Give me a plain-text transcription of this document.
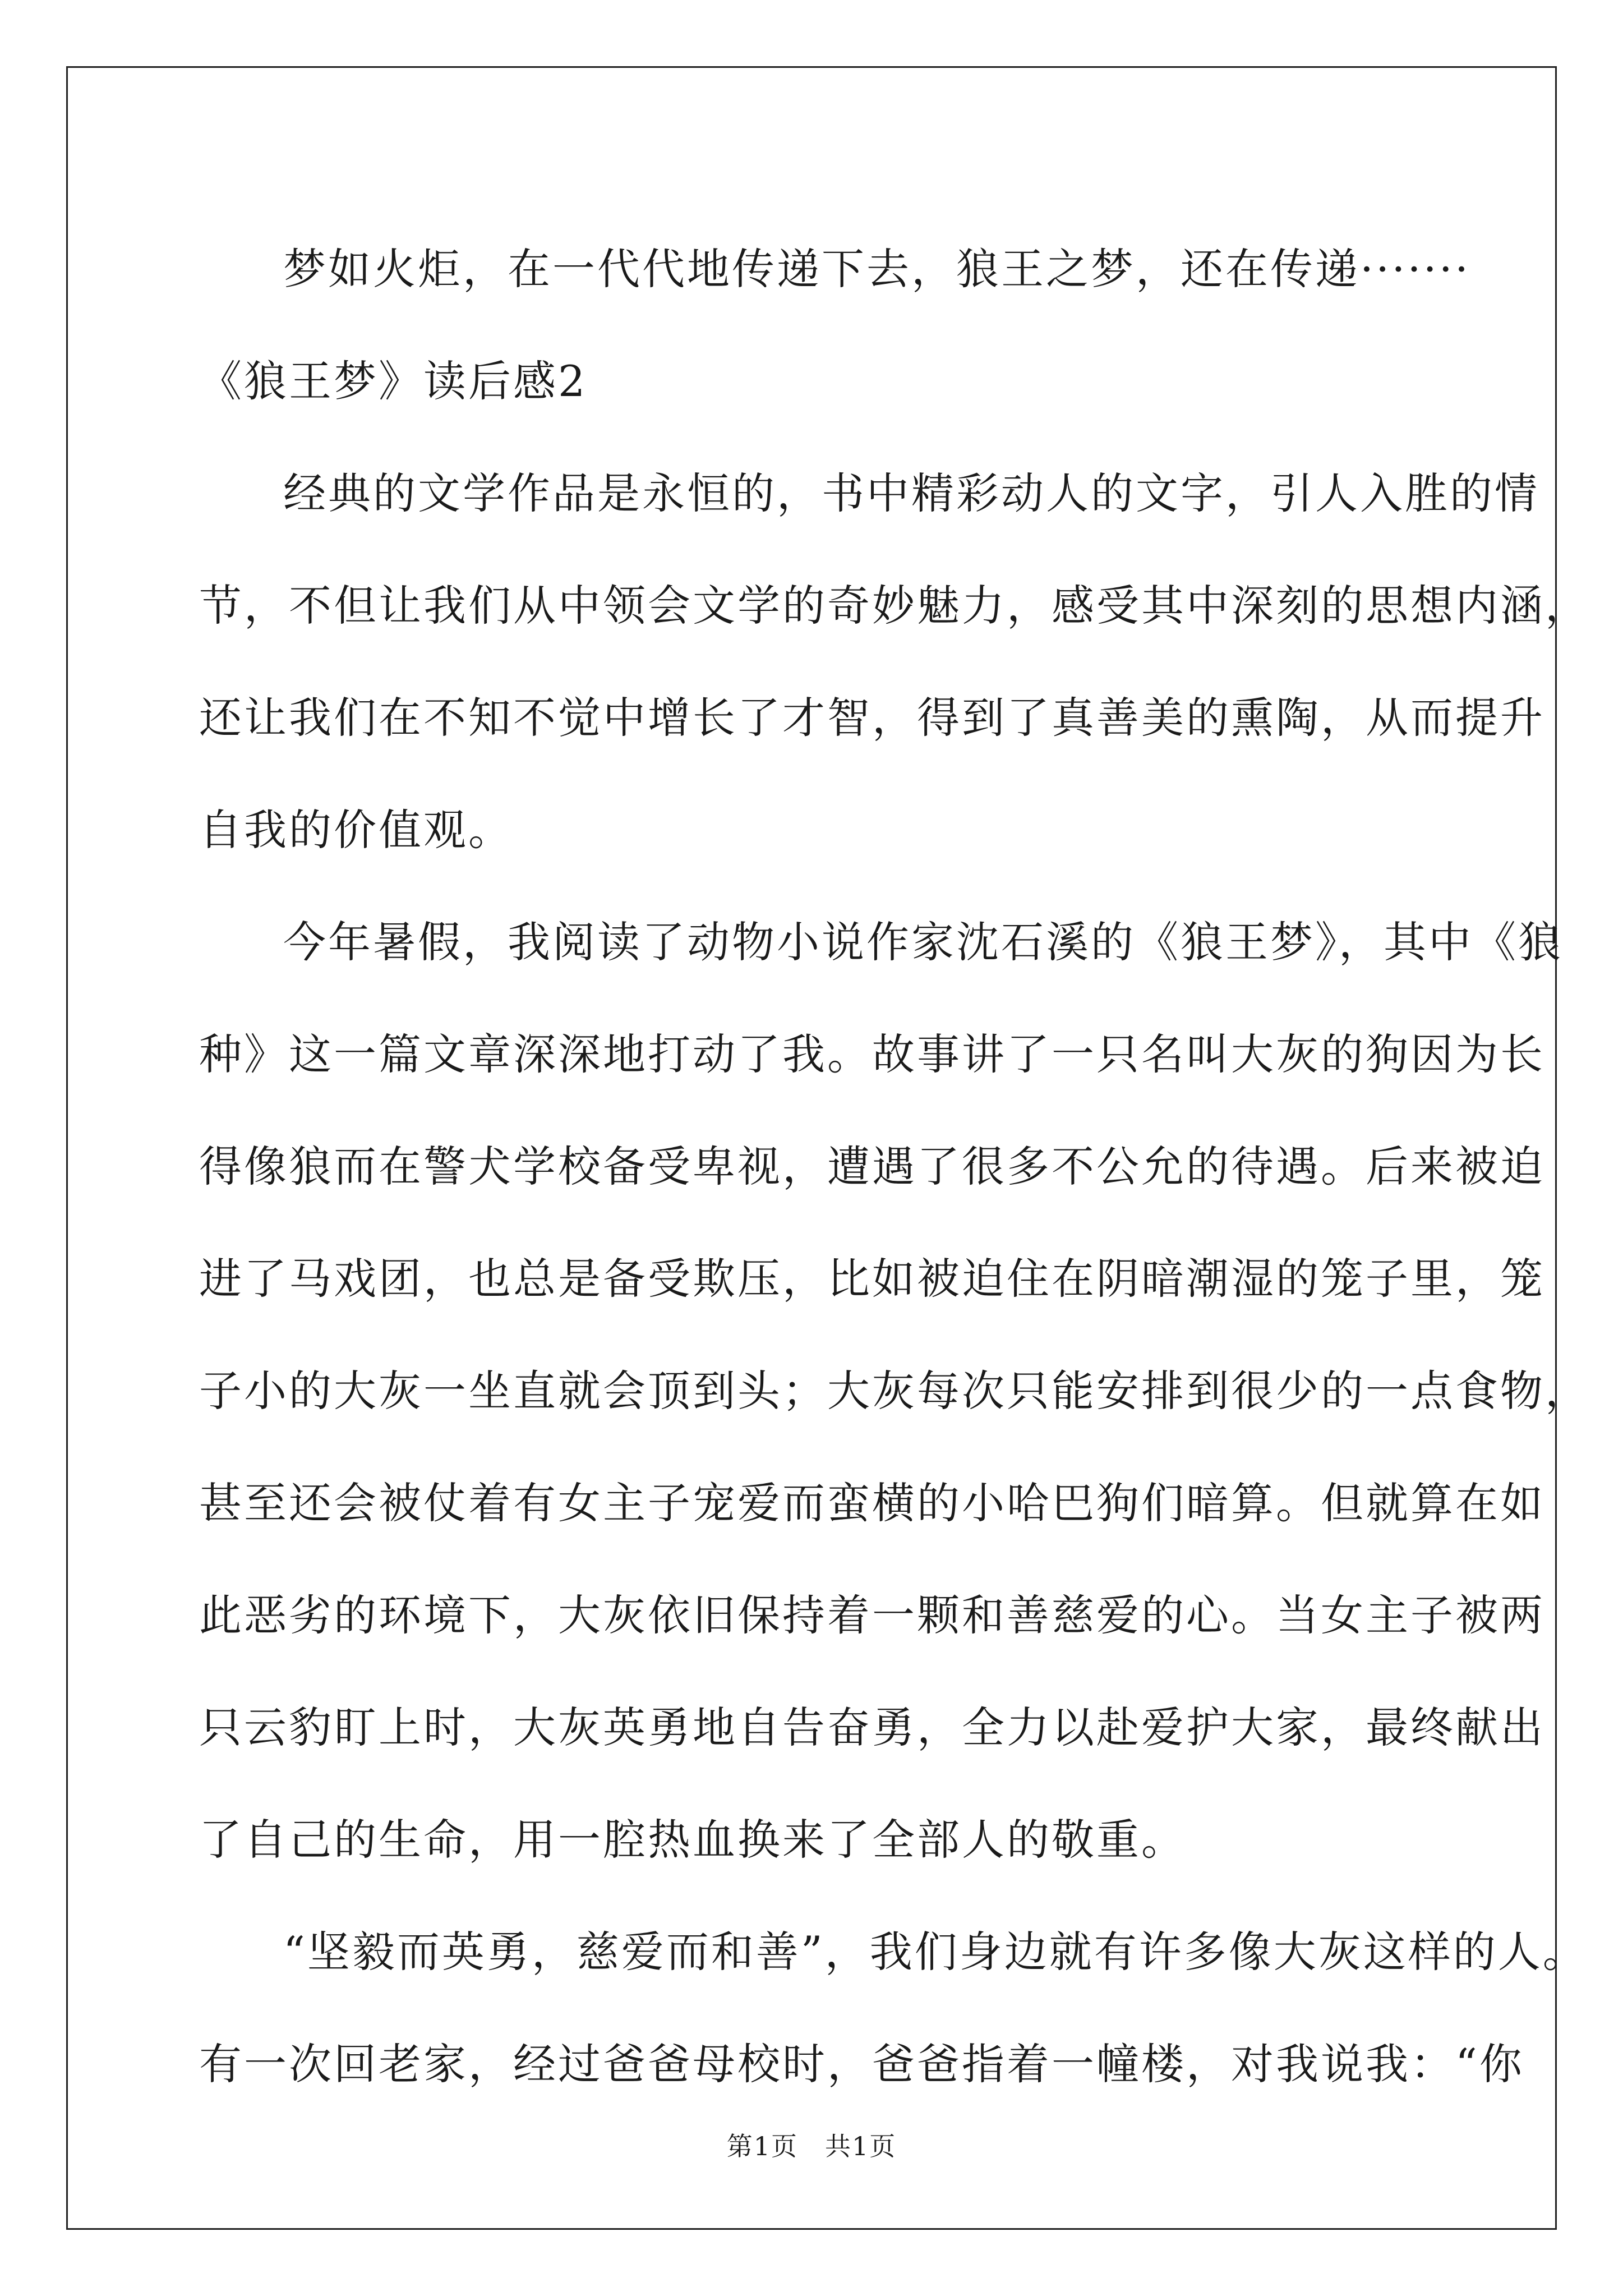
梦如火炬，在一代代地传递下去，狼王之梦，还在传递·······
《狼王梦》读后感2
经典的文学作品是永恒的，书中精彩动人的文字，引人入胜的情
节，不但让我们从中领会文学的奇妙魅力，感受其中深刻的思想内涵，
还让我们在不知不觉中增长了才智，得到了真善美的熏陶，从而提升
自我的价值观。
今年暑假，我阅读了动物小说作家沈石溪的《狼王梦》，其中《狼
种》这一篇文章深深地打动了我。故事讲了一只名叫大灰的狗因为长
得像狼而在警犬学校备受卑视，遭遇了很多不公允的待遇。后来被迫
进了马戏团，也总是备受欺压，比如被迫住在阴暗潮湿的笼子里，笼
子小的大灰一坐直就会顶到头；大灰每次只能安排到很少的一点食物，
甚至还会被仗着有女主子宠爱而蛮横的小哈巴狗们暗算。但就算在如
此恶劣的环境下，大灰依旧保持着一颗和善慈爱的心。当女主子被两
只云豹盯上时，大灰英勇地自告奋勇，全力以赴爱护大家，最终献出
了自己的生命，用一腔热血换来了全部人的敬重。
“坚毅而英勇，慈爱而和善”，我们身边就有许多像大灰这样的人。
有一次回老家，经过爸爸母校时，爸爸指着一幢楼，对我说我：“你
第1页　共1页
